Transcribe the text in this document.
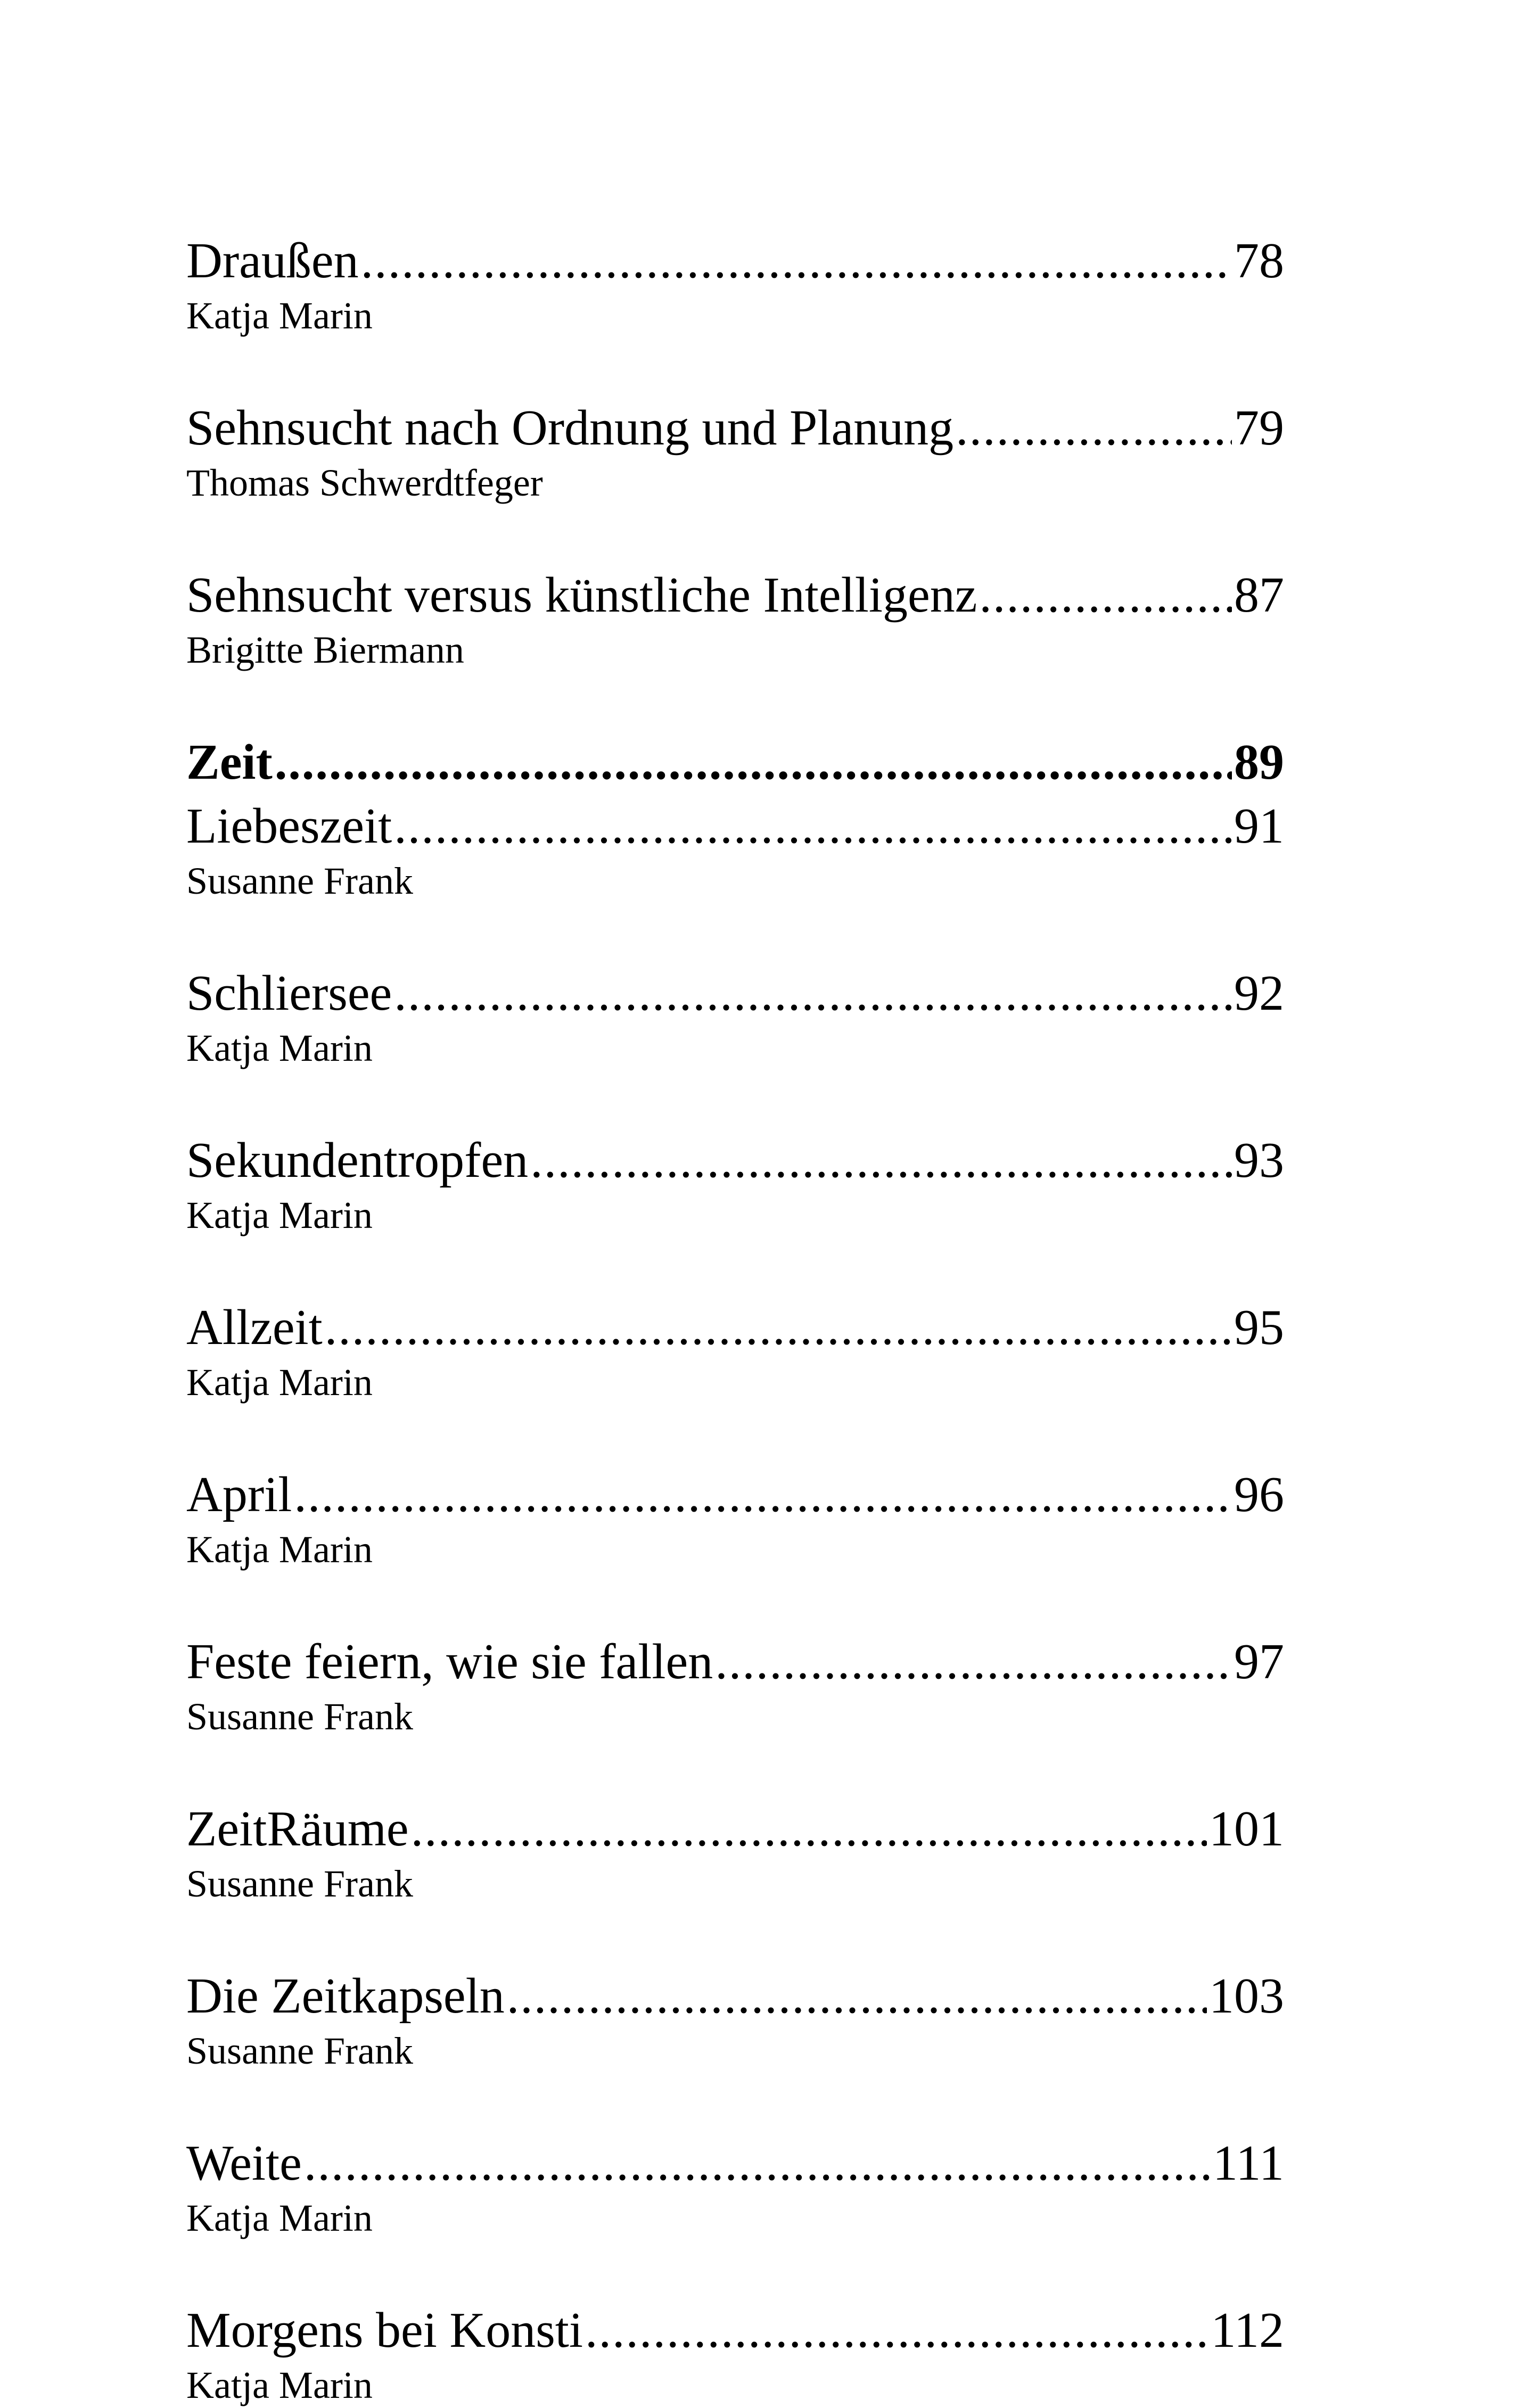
Draußen .....	78
Katja Marin
Sehnsucht nach Ordnung und Planung .....	79
Thomas Schwerdtfeger
Sehnsucht versus künstliche Intelligenz .....	87
Brigitte Biermann
Zeit .....	89
Liebeszeit .....	91
Susanne Frank
Schliersee .....	92
Katja Marin
Sekundentropfen .....	93
Katja Marin
Allzeit .....	95
Katja Marin
April .....	96
Katja Marin
Feste feiern, wie sie fallen .....	97
Susanne Frank
ZeitRäume .....	101
Susanne Frank
Die Zeitkapseln .....	103
Susanne Frank
Weite .....	111
Katja Marin
Morgens bei Konsti .....	112
Katja Marin
